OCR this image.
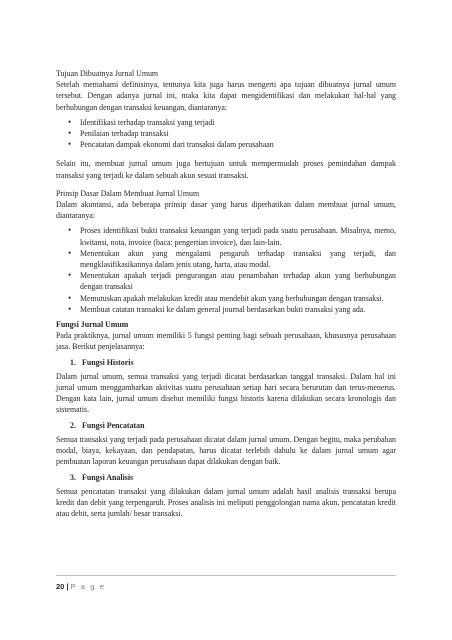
Tujuan Dibuatnya Jurnal Umum

Setelah memahami definisinya, tentunya kita juga harus mengerti apa tujuan dibuatnya jurnal umum tersebut. Dengan adanya jurnal ini, maka kita dapat mengidentifikasi dan melakukan hal-hal yang berhubungan dengan transaksi keuangan, diantaranya:

• Identifikasi terhadap transaksi yang terjadi
• Penilaian terhadap transaksi
• Pencatatan dampak ekonomi dari transaksi dalam perusahaan

Selain itu, membuat jurnal umum juga bertujuan untuk mempermudah proses pemindahan dampak transaksi yang terjadi ke dalam sebuah akun sesuai transaksi.

Prinsip Dasar Dalam Membuat Jurnal Umum

Dalam akuntansi, ada beberapa prinsip dasar yang harus diperhatikan dalam membuat jurnal umum, diantaranya:

• Proses identifikasi bukti transaksi keuangan yang terjadi pada suatu perusahaan. Misalnya, memo, kwitansi, nota, invoice (baca: pengertian invoice), dan lain-lain.
• Menentukan akun yang mengalami pengaruh terhadap transaksi yang terjadi, dan mengklasifikasikannya dalam jenis utang, harta, atau modal.
• Menentukan apakah terjadi pengurangan atau penambahan terhadap akun yang berhubungan dengan transaksi
• Memutuskan apakah melakukan kredit atau mendebit akun yang berhubungan dengan transaksi.
• Membuat catatan transaksi ke dalam general journal berdasarkan bukti transaksi yang ada.

Fungsi Jurnal Umum

Pada praktiknya, jurnal umum memiliki 5 fungsi penting bagi sebuah perusahaan, khususnya perusahaan jasa. Berikut penjelasannya:

1. Fungsi Historis

Dalam jurnal umum, semua transaksi yang terjadi dicatat berdasarkan tanggal transaksi. Dalam hal ini jurnal umum menggambarkan aktivitas suatu perusahaan setiap hari secara berurutan dan terus-menerus. Dengan kata lain, jurnal umum disebut memiliki fungsi historis karena dilakukan secara kronologis dan sistematis.

2. Fungsi Pencatatan

Semua transaksi yang terjadi pada perusahaan dicatat dalam jurnal umum. Dengan begitu, maka perubahan modal, biaya, kekayaan, dan pendapatan, harus dicatat terlebih dahulu ke dalam jurnal umum agar pembuatan laporan keuangan perusahaan dapat dilakukan dengan baik.

3. Fungsi Analisis

Semua pencatatan transaksi yang dilakukan dalam jurnal umum adalah hasil analisis transaksi berupa kredit dan debit yang terpengaruh. Proses analisis ini meliputi penggolongan nama akun, pencatatan kredit atau debit, serta jumlah/ besar transaksi.

20 | P a g e
